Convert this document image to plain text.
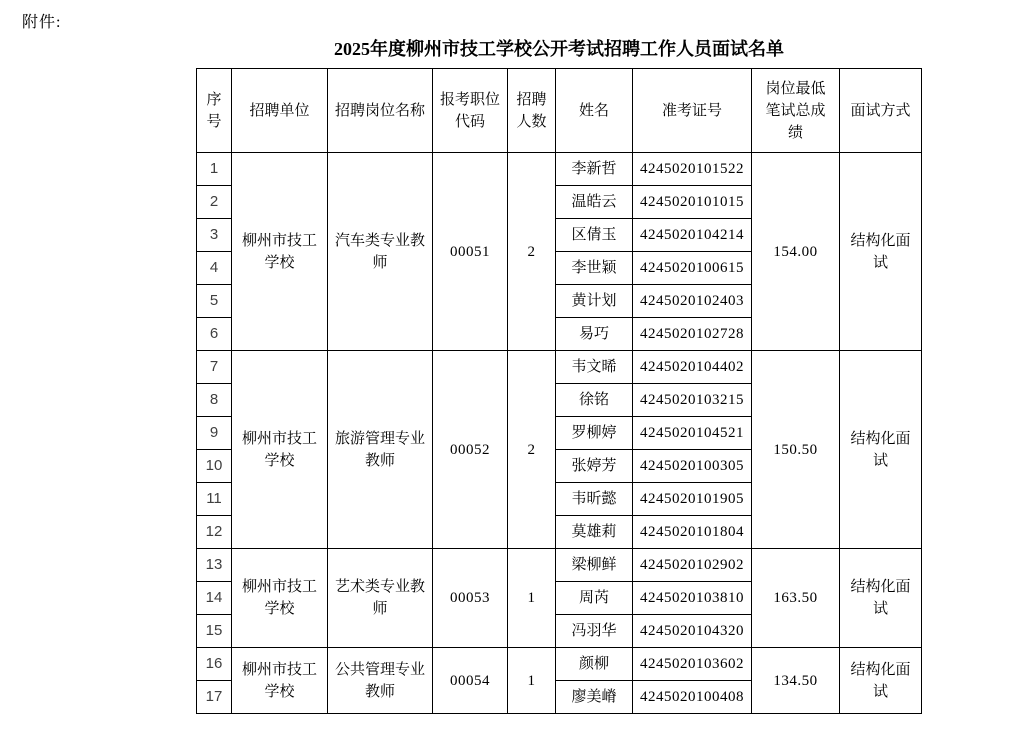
附件:
2025年度柳州市技工学校公开考试招聘工作人员面试名单
序号	招聘单位	招聘岗位名称	报考职位代码	招聘人数	姓名	准考证号	岗位最低笔试总成绩	面试方式
1	柳州市技工学校	汽车类专业教师	00051	2	李新哲	4245020101522	154.00	结构化面试
2					温皓云	4245020101015		
3					区倩玉	4245020104214		
4					李世颖	4245020100615		
5					黄计划	4245020102403		
6					易巧	4245020102728		
7	柳州市技工学校	旅游管理专业教师	00052	2	韦文晞	4245020104402	150.50	结构化面试
8					徐铭	4245020103215		
9					罗柳婷	4245020104521		
10					张婷芳	4245020100305		
11					韦昕懿	4245020101905		
12					莫雄莉	4245020101804		
13	柳州市技工学校	艺术类专业教师	00053	1	梁柳鲜	4245020102902	163.50	结构化面试
14					周芮	4245020103810		
15					冯羽华	4245020104320		
16	柳州市技工学校	公共管理专业教师	00054	1	颜柳	4245020103602	134.50	结构化面试
17					廖美嵴	4245020100408		
